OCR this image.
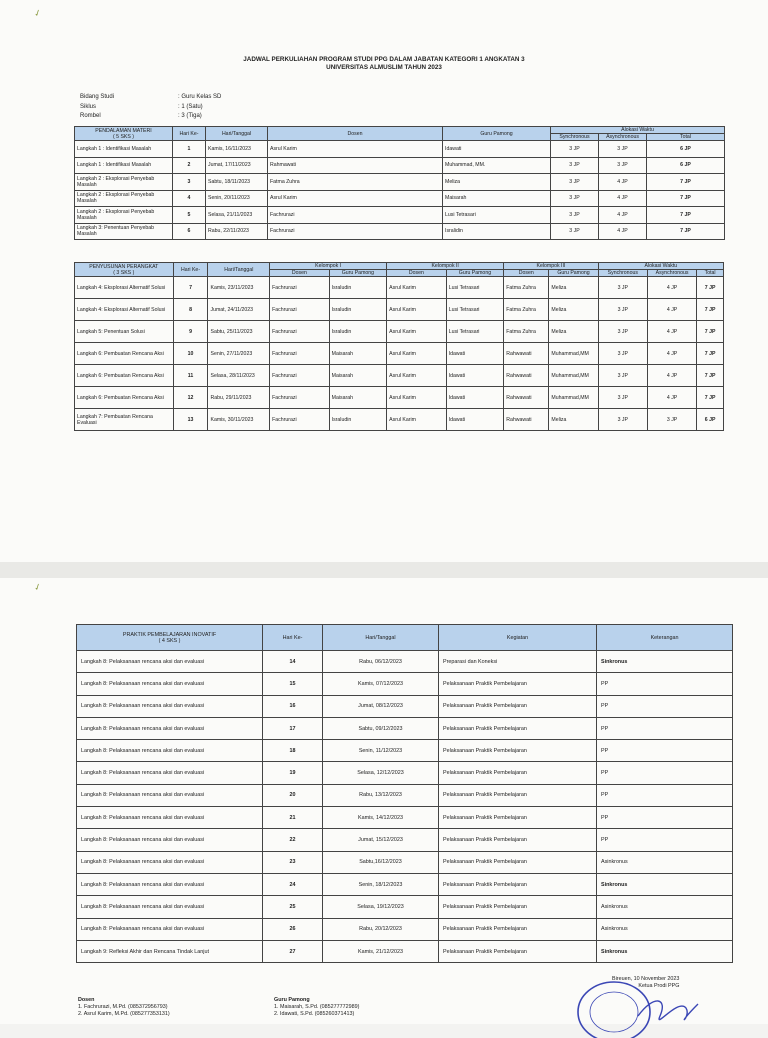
✓
JADWAL PERKULIAHAN PROGRAM STUDI PPG DALAM JABATAN KATEGORI 1 ANGKATAN 3
UNIVERSITAS ALMUSLIM TAHUN 2023
Bidang Studi	: Guru Kelas SD
Siklus	: 1 (Satu)
Rombel	: 3 (Tiga)
PENDALAMAN MATERI
( 5 SKS )	Hari Ke-	Hari/Tanggal	Dosen	Guru Pamong	Alokasi Waktu		
					Synchronous	Asynchronous	Total
Langkah 1 : Identifikasi Masalah	1	Kamis, 16/11/2023	Asrul Karim	Idawati	3 JP	3 JP	6 JP
Langkah 1 : Identifikasi Masalah	2	Jumat, 17/11/2023	Rahmawati	Muhammad, MM.	3 JP	3 JP	6 JP
Langkah 2 : Eksplorasi Penyebab Masalah	3	Sabtu, 18/11/2023	Fatma Zuhra	Meliza	3 JP	4 JP	7 JP
Langkah 2 : Eksplorasi Penyebab Masalah	4	Senin, 20/11/2023	Asrul Karim	Maisarah	3 JP	4 JP	7 JP
Langkah 2 : Eksplorasi Penyebab Masalah	5	Selasa, 21/11/2023	Fachrurazi	Lusi Tetrasari	3 JP	4 JP	7 JP
Langkah 3: Penentuan Penyebab Masalah	6	Rabu, 22/11/2023	Fachrurazi	Isralidin	3 JP	4 JP	7 JP
PENYUSUNAN PERANGKAT
( 3 SKS )	Hari Ke-	Hari/Tanggal	Kelompok I		Kelompok II		Kelompok III		Alokasi Waktu		
			Dosen	Guru Pamong	Dosen	Guru Pamong	Dosen	Guru Pamong	Synchronous	Asynchronous	Total
Langkah 4: Eksplorasi Alternatif Solusi	7	Kamis, 23/11/2023	Fachrurazi	Israludin	Asrul Karim	Lusi Tetrasari	Fatma Zuhra	Meliza	3 JP	4 JP	7 JP
Langkah 4: Eksplorasi Alternatif Solusi	8	Jumat, 24/11/2023	Fachrurazi	Israludin	Asrul Karim	Lusi Tetrasari	Fatma Zuhra	Meliza	3 JP	4 JP	7 JP
Langkah 5: Penentuan Solusi	9	Sabtu, 25/11/2023	Fachrurazi	Israludin	Asrul Karim	Lusi Tetrasari	Fatma Zuhra	Meliza	3 JP	4 JP	7 JP
Langkah 6: Pembuatan Rencana Aksi	10	Senin, 27/11/2023	Fachrurazi	Maisarah	Asrul Karim	Idawati	Rahwawati	Muhammad,MM	3 JP	4 JP	7 JP
Langkah 6: Pembuatan Rencana Aksi	11	Selasa, 28/11/2023	Fachrurazi	Maisarah	Asrul Karim	Idawati	Rahwawati	Muhammad,MM	3 JP	4 JP	7 JP
Langkah 6: Pembuatan Rencana Aksi	12	Rabu, 29/11/2023	Fachrurazi	Maisarah	Asrul Karim	Idawati	Rahwawati	Muhammad,MM	3 JP	4 JP	7 JP
Langkah 7: Pembuatan Rencana Evaluasi	13	Kamis, 30/11/2023	Fachrurazi	Israludin	Asrul Karim	Idawati	Rahwawati	Meliza	3 JP	3 JP	6 JP
✓
PRAKTIK PEMBELAJARAN INOVATIF
( 4 SKS )	Hari Ke-	Hari/Tanggal	Kegiatan	Keterangan
Langkah 8: Pelaksanaan rencana aksi dan evaluasi	14	Rabu, 06/12/2023	Preparasi dan Koneksi	Sinkronus
Langkah 8: Pelaksanaan rencana aksi dan evaluasi	15	Kamis, 07/12/2023	Pelaksanaan Praktik Pembelajaran	PP
Langkah 8: Pelaksanaan rencana aksi dan evaluasi	16	Jumat, 08/12/2023	Pelaksanaan Praktik Pembelajaran	PP
Langkah 8: Pelaksanaan rencana aksi dan evaluasi	17	Sabtu, 09/12/2023	Pelaksanaan Praktik Pembelajaran	PP
Langkah 8: Pelaksanaan rencana aksi dan evaluasi	18	Senin, 11/12/2023	Pelaksanaan Praktik Pembelajaran	PP
Langkah 8: Pelaksanaan rencana aksi dan evaluasi	19	Selasa, 12/12/2023	Pelaksanaan Praktik Pembelajaran	PP
Langkah 8: Pelaksanaan rencana aksi dan evaluasi	20	Rabu, 13/12/2023	Pelaksanaan Praktik Pembelajaran	PP
Langkah 8: Pelaksanaan rencana aksi dan evaluasi	21	Kamis, 14/12/2023	Pelaksanaan Praktik Pembelajaran	PP
Langkah 8: Pelaksanaan rencana aksi dan evaluasi	22	Jumat, 15/12/2023	Pelaksanaan Praktik Pembelajaran	PP
Langkah 8: Pelaksanaan rencana aksi dan evaluasi	23	Sabtu,16/12/2023	Pelaksanaan Praktik Pembelajaran	Asinkronus
Langkah 8: Pelaksanaan rencana aksi dan evaluasi	24	Senin, 18/12/2023	Pelaksanaan Praktik Pembelajaran	Sinkronus
Langkah 8: Pelaksanaan rencana aksi dan evaluasi	25	Selasa, 19/12/2023	Pelaksanaan Praktik Pembelajaran	Asinkronus
Langkah 8: Pelaksanaan rencana aksi dan evaluasi	26	Rabu, 20/12/2023	Pelaksanaan Praktik Pembelajaran	Asinkronus
Langkah 9: Refleksi Akhir dan Rencana Tindak Lanjut	27	Kamis, 21/12/2023	Pelaksanaan Praktik Pembelajaran	Sinkronus
Dosen
1. Fachrurazi, M.Pd. (085372956793)
2. Asrul Karim, M.Pd. (085277353131)
Guru Pamong
1. Maisarah, S.Pd. (085277772989)
2. Idawati, S.Pd. (085260371413)
Bireuen, 10 November 2023
Ketua Prodi PPG
